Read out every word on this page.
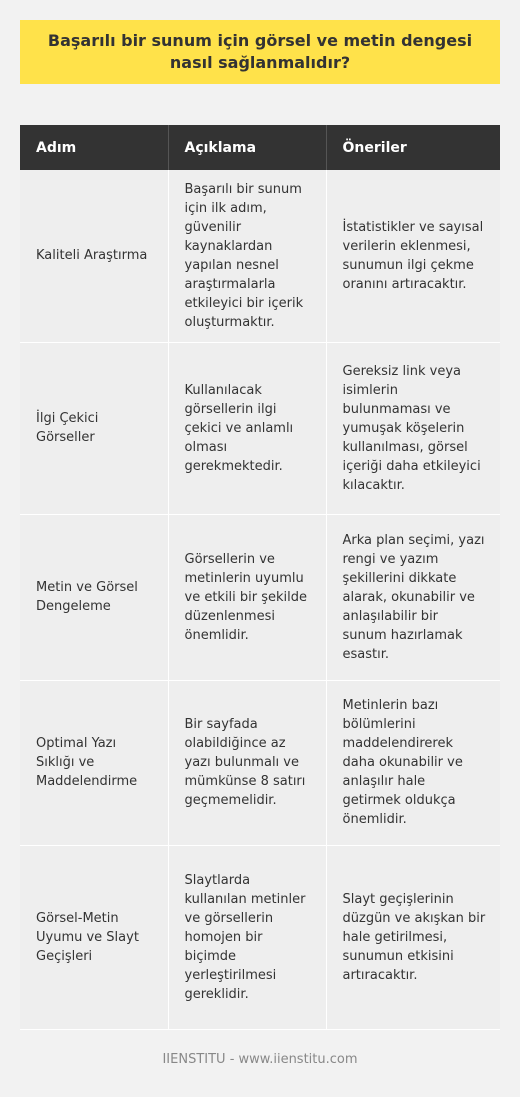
Başarılı bir sunum için görsel ve metin dengesi nasıl sağlanmalıdır?
Adım	Açıklama	Öneriler
Kaliteli Araştırma	Başarılı bir sunum için ilk adım, güvenilir kaynaklardan yapılan nesnel araştırmalarla etkileyici bir içerik oluşturmaktır.	İstatistikler ve sayısal verilerin eklenmesi, sunumun ilgi çekme oranını artıracaktır.
İlgi Çekici Görseller	Kullanılacak görsellerin ilgi çekici ve anlamlı olması gerekmektedir.	Gereksiz link veya isimlerin bulunmaması ve yumuşak köşelerin kullanılması, görsel içeriği daha etkileyici kılacaktır.
Metin ve Görsel Dengeleme	Görsellerin ve metinlerin uyumlu ve etkili bir şekilde düzenlenmesi önemlidir.	Arka plan seçimi, yazı rengi ve yazım şekillerini dikkate alarak, okunabilir ve anlaşılabilir bir sunum hazırlamak esastır.
Optimal Yazı Sıklığı ve Maddelendirme	Bir sayfada olabildiğince az yazı bulunmalı ve mümkünse 8 satırı geçmemelidir.	Metinlerin bazı bölümlerini maddelendirerek daha okunabilir ve anlaşılır hale getirmek oldukça önemlidir.
Görsel-Metin Uyumu ve Slayt Geçişleri	Slaytlarda kullanılan metinler ve görsellerin homojen bir biçimde yerleştirilmesi gereklidir.	Slayt geçişlerinin düzgün ve akışkan bir hale getirilmesi, sunumun etkisini artıracaktır.
IIENSTITU - www.iienstitu.com
